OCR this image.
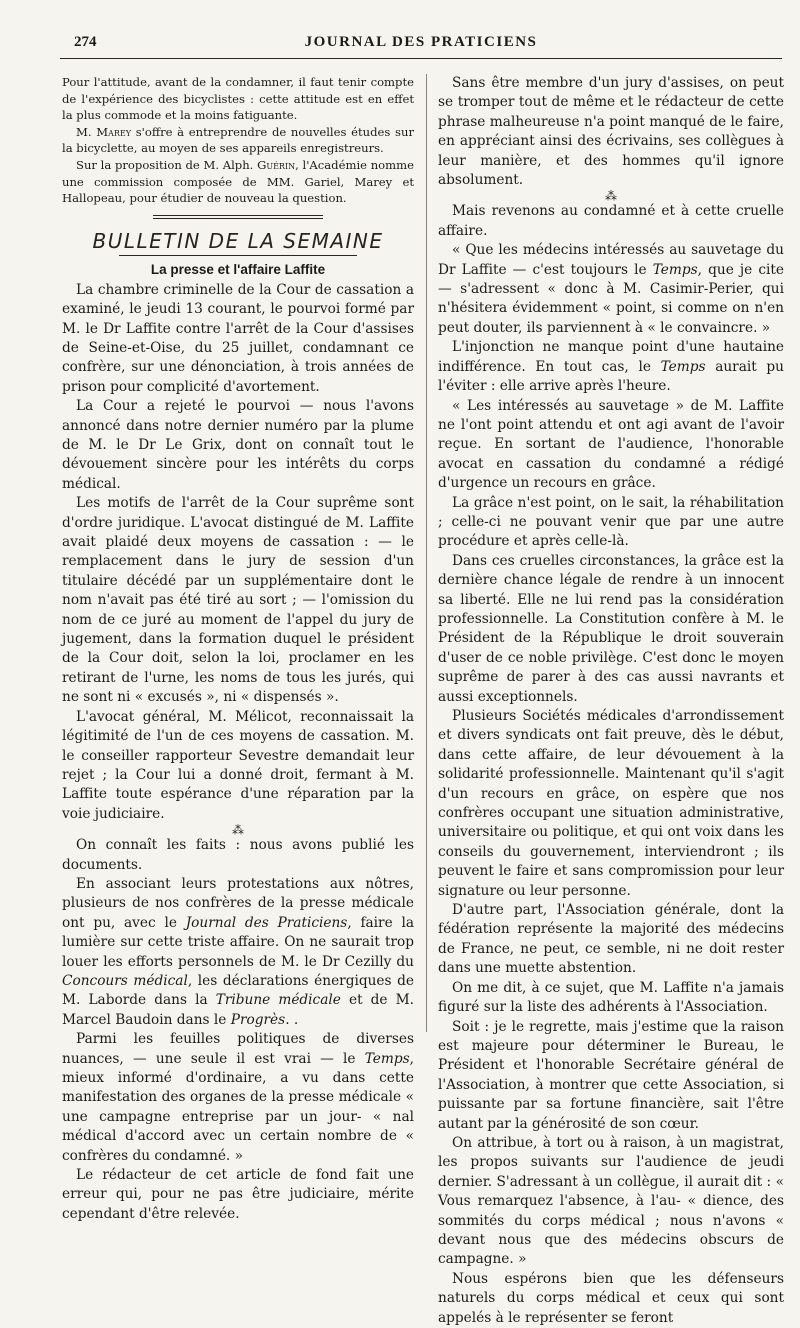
274	JOURNAL DES PRATICIENS

Pour l'attitude, avant de la condamner, il faut tenir compte de l'expérience des bicyclistes : cette attitude est en effet la plus commode et la moins fatiguante.

M. Marey s'offre à entreprendre de nouvelles études sur la bicyclette, au moyen de ses appareils enregistreurs.

Sur la proposition de M. Alph. Guérin, l'Académie nomme une commission composée de MM. Gariel, Marey et Hallopeau, pour étudier de nouveau la question.

BULLETIN DE LA SEMAINE
La presse et l'affaire Laffite

La chambre criminelle de la Cour de cassation a examiné, le jeudi 13 courant, le pourvoi formé par M. le Dr Laffite contre l'arrêt de la Cour d'assises de Seine-et-Oise, du 25 juillet, condamnant ce confrère, sur une dénonciation, à trois années de prison pour complicité d'avortement.

La Cour a rejeté le pourvoi — nous l'avons annoncé dans notre dernier numéro par la plume de M. le Dr Le Grix, dont on connaît tout le dévouement sincère pour les intérêts du corps médical.

Les motifs de l'arrêt de la Cour suprême sont d'ordre juridique. L'avocat distingué de M. Laffite avait plaidé deux moyens de cassation : — le remplacement dans le jury de session d'un titulaire décédé par un supplémentaire dont le nom n'avait pas été tiré au sort ; — l'omission du nom de ce juré au moment de l'appel du jury de jugement, dans la formation duquel le président de la Cour doit, selon la loi, proclamer en les retirant de l'urne, les noms de tous les jurés, qui ne sont ni « excusés », ni « dispensés ».

L'avocat général, M. Mélicot, reconnaissait la légitimité de l'un de ces moyens de cassation. M. le conseiller rapporteur Sevestre demandait leur rejet ; la Cour lui a donné droit, fermant à M. Laffite toute espérance d'une réparation par la voie judiciaire.

⁂

On connaît les faits : nous avons publié les documents.

En associant leurs protestations aux nôtres, plusieurs de nos confrères de la presse médicale ont pu, avec le Journal des Praticiens, faire la lumière sur cette triste affaire. On ne saurait trop louer les efforts personnels de M. le Dr Cezilly du Concours médical, les déclarations énergiques de M. Laborde dans la Tribune médicale et de M. Marcel Baudoin dans le Progrès. .

Parmi les feuilles politiques de diverses nuances, — une seule il est vrai — le Temps, mieux informé d'ordinaire, a vu dans cette manifestation des organes de la presse médicale « une campagne entreprise par un jour- « nal médical d'accord avec un certain nombre de « confrères du condamné. »

Le rédacteur de cet article de fond fait une erreur qui, pour ne pas être judiciaire, mérite cependant d'être relevée.

Sans être membre d'un jury d'assises, on peut se tromper tout de même et le rédacteur de cette phrase malheureuse n'a point manqué de le faire, en appréciant ainsi des écrivains, ses collègues à leur manière, et des hommes qu'il ignore absolument.

⁂

Mais revenons au condamné et à cette cruelle affaire.

« Que les médecins intéressés au sauvetage du Dr Laffite — c'est toujours le Temps, que je cite — s'adressent « donc à M. Casimir-Perier, qui n'hésitera évidemment « point, si comme on n'en peut douter, ils parviennent à « le convaincre. »

L'injonction ne manque point d'une hautaine indifférence. En tout cas, le Temps aurait pu l'éviter : elle arrive après l'heure.

« Les intéressés au sauvetage » de M. Laffite ne l'ont point attendu et ont agi avant de l'avoir reçue. En sortant de l'audience, l'honorable avocat en cassation du condamné a rédigé d'urgence un recours en grâce.

La grâce n'est point, on le sait, la réhabilitation ; celle-ci ne pouvant venir que par une autre procédure et après celle-là.

Dans ces cruelles circonstances, la grâce est la dernière chance légale de rendre à un innocent sa liberté. Elle ne lui rend pas la considération professionnelle. La Constitution confère à M. le Président de la République le droit souverain d'user de ce noble privilège. C'est donc le moyen suprême de parer à des cas aussi navrants et aussi exceptionnels.

Plusieurs Sociétés médicales d'arrondissement et divers syndicats ont fait preuve, dès le début, dans cette affaire, de leur dévouement à la solidarité professionnelle. Maintenant qu'il s'agit d'un recours en grâce, on espère que nos confrères occupant une situation administrative, universitaire ou politique, et qui ont voix dans les conseils du gouvernement, interviendront ; ils peuvent le faire et sans compromission pour leur signature ou leur personne.

D'autre part, l'Association générale, dont la fédération représente la majorité des médecins de France, ne peut, ce semble, ni ne doit rester dans une muette abstention.

On me dit, à ce sujet, que M. Laffite n'a jamais figuré sur la liste des adhérents à l'Association.

Soit : je le regrette, mais j'estime que la raison est majeure pour déterminer le Bureau, le Président et l'honorable Secrétaire général de l'Association, à montrer que cette Association, si puissante par sa fortune financière, sait l'être autant par la générosité de son cœur.

On attribue, à tort ou à raison, à un magistrat, les propos suivants sur l'audience de jeudi dernier. S'adressant à un collègue, il aurait dit : « Vous remarquez l'absence, à l'au- « dience, des sommités du corps médical ; nous n'avons « devant nous que des médecins obscurs de campagne. »

Nous espérons bien que les défenseurs naturels du corps médical et ceux qui sont appelés à le représenter se feront
